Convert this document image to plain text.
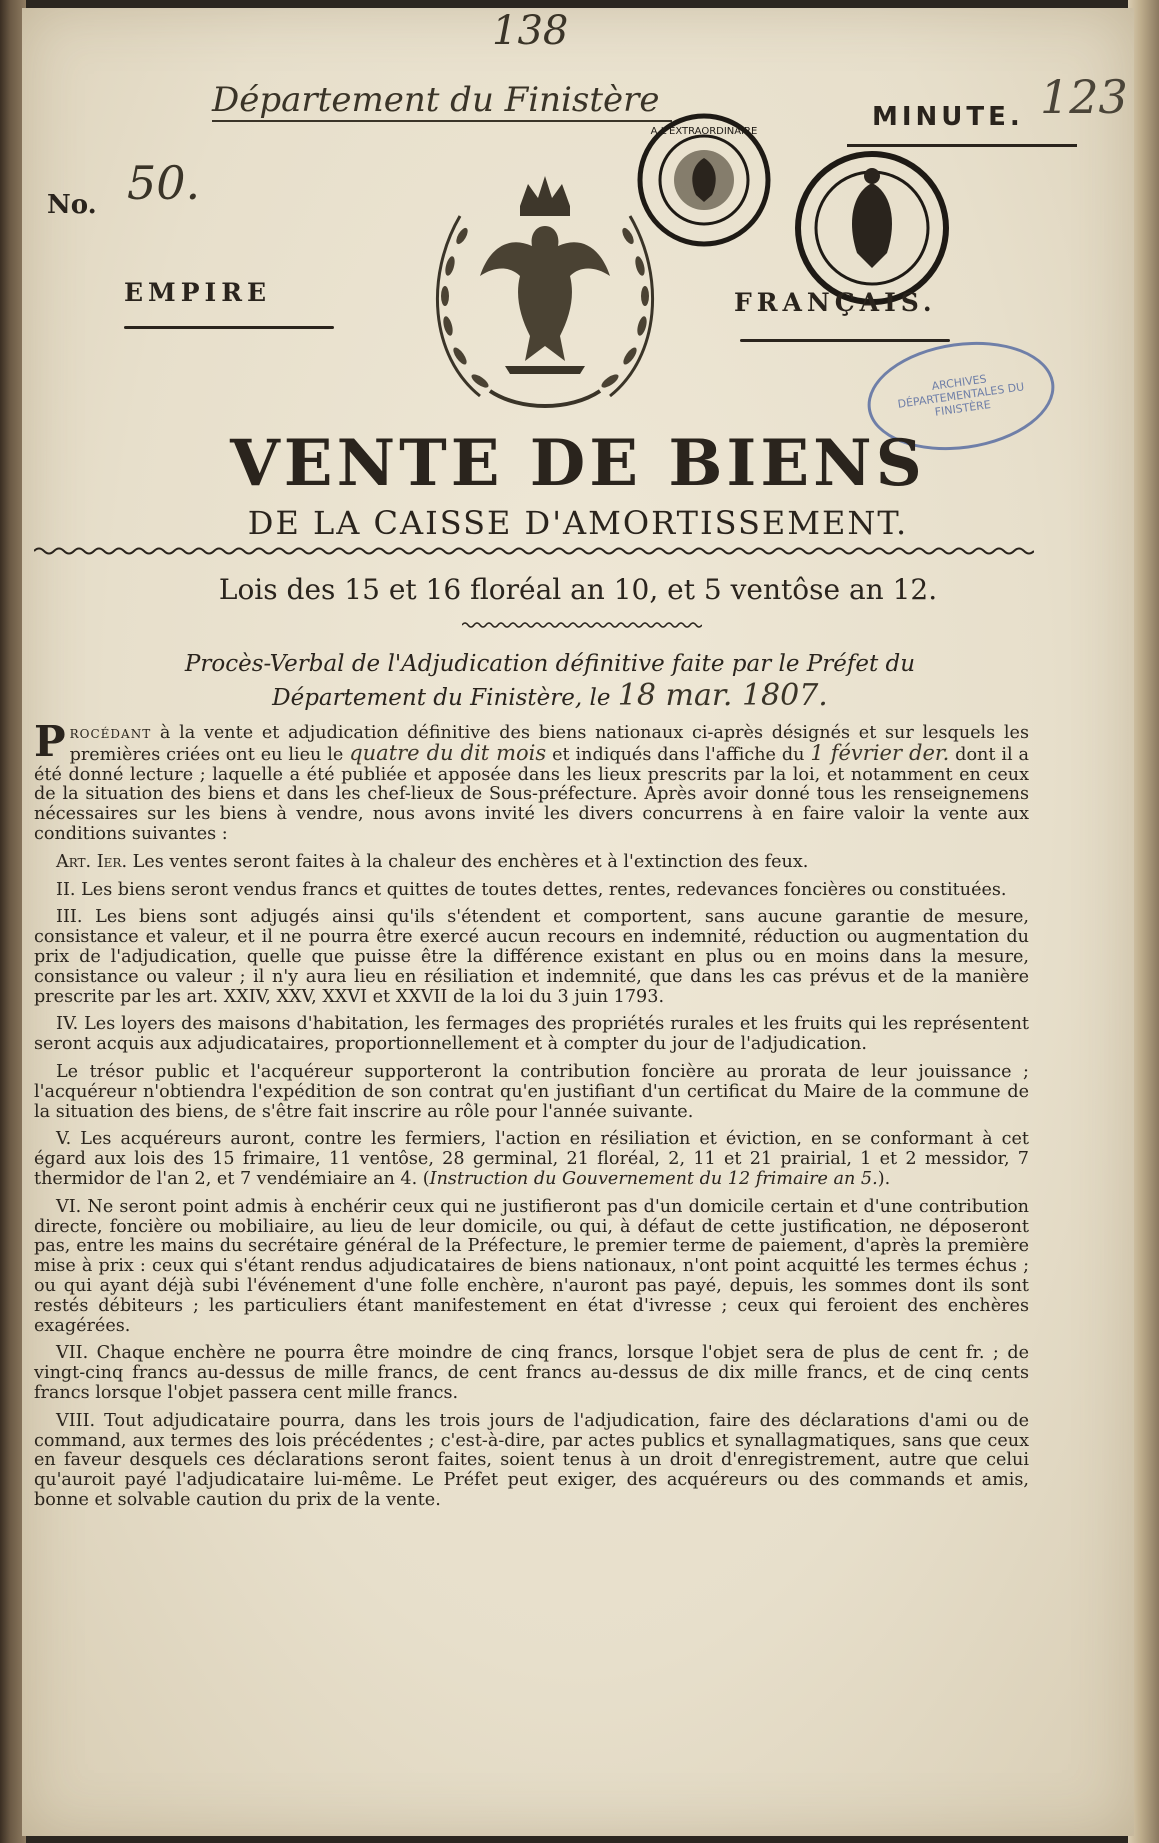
138
123
Département du Finistère	MINUTE.
No. 50.
A L'EXTRAORDINAIRE
EMPIRE	FRANÇAIS.
ARCHIVES DÉPARTEMENTALES DU FINISTÈRE
VENTE DE BIENS
DE LA CAISSE D'AMORTISSEMENT.
Lois des 15 et 16 floréal an 10, et 5 ventôse an 12.
Procès-Verbal de l'Adjudication définitive faite par le Préfet du
Département du Finistère, le 18 mar. 1807.

Procédant à la vente et adjudication définitive des biens nationaux ci-après désignés et sur lesquels les premières criées ont eu lieu le quatre du dit mois et indiqués dans l'affiche du 1 février der. dont il a été donné lecture ; laquelle a été publiée et apposée dans les lieux prescrits par la loi, et notamment en ceux de la situation des biens et dans les chef-lieux de Sous-préfecture. Après avoir donné tous les renseignemens nécessaires sur les biens à vendre, nous avons invité les divers concurrens à en faire valoir la vente aux conditions suivantes :

Art. Ier. Les ventes seront faites à la chaleur des enchères et à l'extinction des feux.

II. Les biens seront vendus francs et quittes de toutes dettes, rentes, redevances foncières ou constituées.

III. Les biens sont adjugés ainsi qu'ils s'étendent et comportent, sans aucune garantie de mesure, consistance et valeur, et il ne pourra être exercé aucun recours en indemnité, réduction ou augmentation du prix de l'adjudication, quelle que puisse être la différence existant en plus ou en moins dans la mesure, consistance ou valeur ; il n'y aura lieu en résiliation et indemnité, que dans les cas prévus et de la manière prescrite par les art. XXIV, XXV, XXVI et XXVII de la loi du 3 juin 1793.

IV. Les loyers des maisons d'habitation, les fermages des propriétés rurales et les fruits qui les représentent seront acquis aux adjudicataires, proportionnellement et à compter du jour de l'adjudication.

Le trésor public et l'acquéreur supporteront la contribution foncière au prorata de leur jouissance ; l'acquéreur n'obtiendra l'expédition de son contrat qu'en justifiant d'un certificat du Maire de la commune de la situation des biens, de s'être fait inscrire au rôle pour l'année suivante.

V. Les acquéreurs auront, contre les fermiers, l'action en résiliation et éviction, en se conformant à cet égard aux lois des 15 frimaire, 11 ventôse, 28 germinal, 21 floréal, 2, 11 et 21 prairial, 1 et 2 messidor, 7 thermidor de l'an 2, et 7 vendémiaire an 4. (Instruction du Gouvernement du 12 frimaire an 5.).

VI. Ne seront point admis à enchérir ceux qui ne justifieront pas d'un domicile certain et d'une contribution directe, foncière ou mobiliaire, au lieu de leur domicile, ou qui, à défaut de cette justification, ne déposeront pas, entre les mains du secrétaire général de la Préfecture, le premier terme de paiement, d'après la première mise à prix : ceux qui s'étant rendus adjudicataires de biens nationaux, n'ont point acquitté les termes échus ; ou qui ayant déjà subi l'événement d'une folle enchère, n'auront pas payé, depuis, les sommes dont ils sont restés débiteurs ; les particuliers étant manifestement en état d'ivresse ; ceux qui feroient des enchères exagérées.

VII. Chaque enchère ne pourra être moindre de cinq francs, lorsque l'objet sera de plus de cent fr. ; de vingt-cinq francs au-dessus de mille francs, de cent francs au-dessus de dix mille francs, et de cinq cents francs lorsque l'objet passera cent mille francs.

VIII. Tout adjudicataire pourra, dans les trois jours de l'adjudication, faire des déclarations d'ami ou de command, aux termes des lois précédentes ; c'est-à-dire, par actes publics et synallagmatiques, sans que ceux en faveur desquels ces déclarations seront faites, soient tenus à un droit d'enregistrement, autre que celui qu'auroit payé l'adjudicataire lui-même. Le Préfet peut exiger, des acquéreurs ou des commands et amis, bonne et solvable caution du prix de la vente.
